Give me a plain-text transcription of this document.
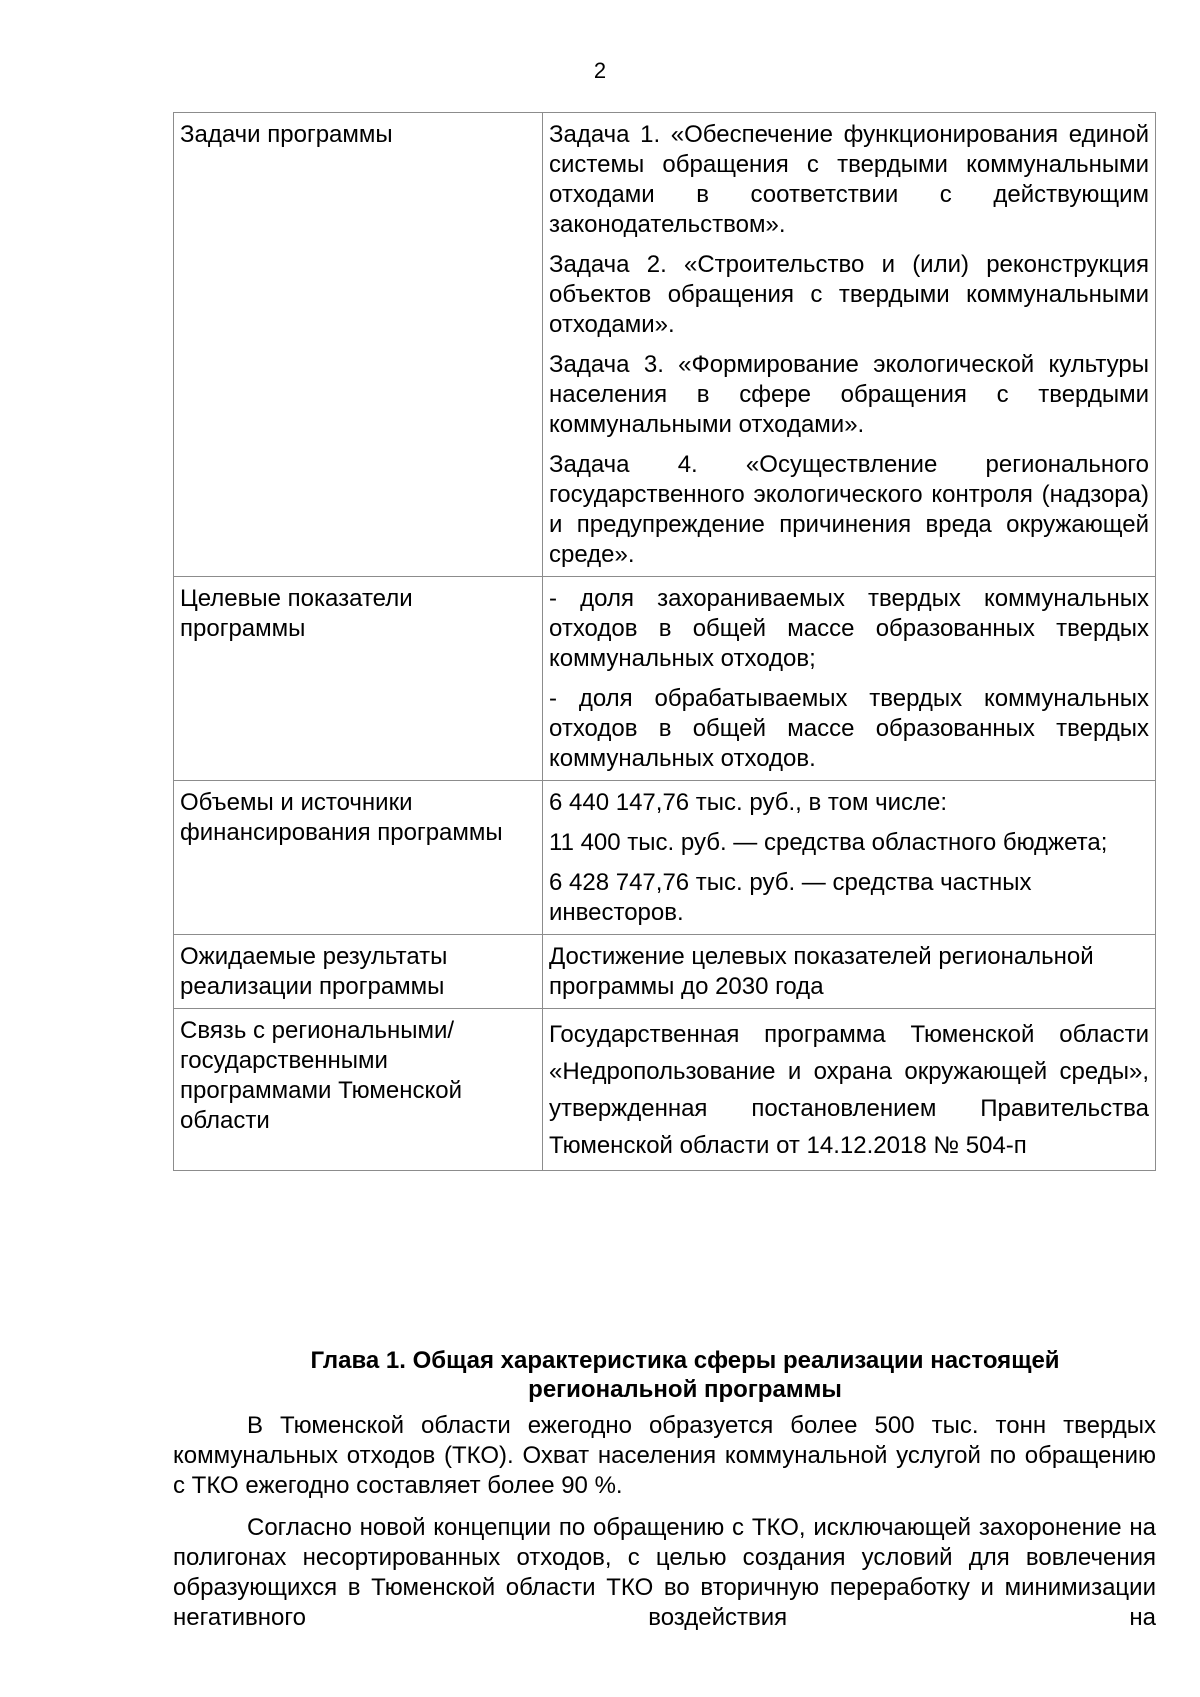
2
Задачи программы	Задача 1. «Обеспечение функционирования единой системы обращения с твердыми коммунальными отходами в соответствии с действующим законодательством».

Задача 2. «Строительство и (или) реконструкция объектов обращения с твердыми коммунальными отходами».

Задача 3. «Формирование экологической культуры населения в сфере обращения с твердыми коммунальными отходами».

Задача 4. «Осуществление регионального государственного экологического контроля (надзора) и предупреждение причинения вреда окружающей среде».

Целевые показатели программы	- доля захораниваемых твердых коммунальных отходов в общей массе образованных твердых коммунальных отходов;

- доля обрабатываемых твердых коммунальных отходов в общей массе образованных твердых коммунальных отходов.

Объемы и источники финансирования программы	6 440 147,76 тыс. руб., в том числе:

11 400 тыс. руб. — средства областного бюджета;

6 428 747,76 тыс. руб. — средства частных инвесторов.

Ожидаемые результаты реализации программы	Достижение целевых показателей региональной программы до 2030 года

Связь с региональными/ государственными программами Тюменской области	Государственная программа Тюменской области «Недропользование и охрана окружающей среды», утвержденная постановлением Правительства Тюменской области от 14.12.2018 № 504-п

Глава 1. Общая характеристика сферы реализации настоящей региональной программы

В Тюменской области ежегодно образуется более 500 тыс. тонн твердых коммунальных отходов (ТКО). Охват населения коммунальной услугой по обращению с ТКО ежегодно составляет более 90 %.

Согласно новой концепции по обращению с ТКО, исключающей захоронение на полигонах несортированных отходов, с целью создания условий для вовлечения образующихся в Тюменской области ТКО во вторичную переработку и минимизации негативного воздействия на
